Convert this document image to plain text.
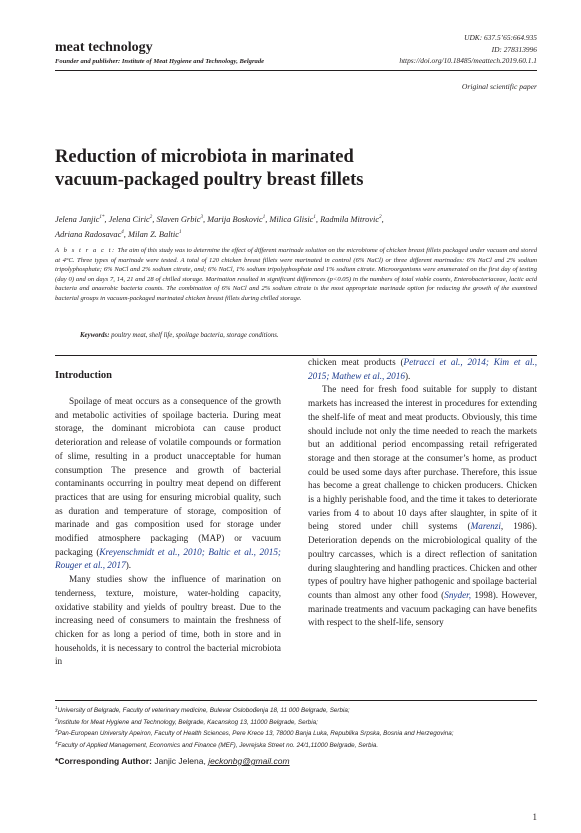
meat technology
Founder and publisher: Institute of Meat Hygiene and Technology, Belgrade
UDK: 637.5’65:664.935
ID: 278313996
https://doi.org/10.18485/meattech.2019.60.1.1
Original scientific paper
Reduction of microbiota in marinated
vacuum-packaged poultry breast fillets
Jelena Janjic$^{1*}$, Jelena Ciric$^2$, Slaven Grbic$^3$, Marija Boskovic$^1$, Milica Glisic$^1$, Radmila Mitrovic$^2$,
Adriana Radosavac$^4$, Milan Z. Baltic$^1$
A b s t r a c t: The aim of this study was to determine the effect of different marinade solution on the microbiome of chicken breast fillets packaged under vacuum and stored at 4°C. Three types of marinade were tested. A total of 120 chicken breast fillets were marinated in control (6% NaCl) or three different marinades: 6% NaCl and 2% sodium tripolyphosphate; 6% NaCl and 2% sodium citrate, and; 6% NaCl, 1% sodium tripolyphosphate and 1% sodium citrate. Microorganisms were enumerated on the first day of testing (day 0) and on days 7, 14, 21 and 28 of chilled storage. Marination resulted in significant differences (p<0.05) in the numbers of total viable counts, Enterobacteriaceae, lactic acid bacteria and anaerobic bacteria counts. The combination of 6% NaCl and 2% sodium citrate is the most appropriate marinade option for reducing the growth of the examined bacterial groups in vacuum-packaged marinated chicken breast fillets during chilled storage.
Keywords: poultry meat, shelf life, spoilage bacteria, storage conditions.
Introduction

Spoilage of meat occurs as a consequence of the growth and metabolic activities of spoilage bacteria. During meat storage, the dominant microbiota can cause product deterioration and release of volatile compounds or formation of slime, resulting in a product unacceptable for human consumption The presence and growth of bacterial contaminants occurring in poultry meat depend on different practices that are using for ensuring microbial quality, such as duration and temperature of storage, composition of marinade and gas composition used for storage under modified atmosphere packaging (MAP) or vacuum packaging (Kreyenschmidt et al., 2010; Baltic et al., 2015; Rouger et al., 2017).

Many studies show the influence of marination on tenderness, texture, moisture, water-holding capacity, oxidative stability and yields of poultry breast. Due to the increasing need of consumers to maintain the freshness of chicken for as long a period of time, both in store and in households, it is necessary to control the bacterial microbiota in

chicken meat products (Petracci et al., 2014; Kim et al., 2015; Mathew et al., 2016).

The need for fresh food suitable for supply to distant markets has increased the interest in procedures for extending the shelf-life of meat and meat products. Obviously, this time should include not only the time needed to reach the markets but an additional period encompassing retail refrigerated storage and then storage at the consumer’s home, as product could be used some days after purchase. Therefore, this issue has become a great challenge to chicken producers. Chicken is a highly perishable food, and the time it takes to deteriorate varies from 4 to about 10 days after slaughter, in spite of it being stored under chill systems (Marenzi, 1986). Deterioration depends on the microbiological quality of the poultry carcasses, which is a direct reflection of sanitation during slaughtering and handling practices. Chicken and other types of poultry have higher pathogenic and spoilage bacterial counts than almost any other food (Snyder, 1998). However, marinade treatments and vacuum packaging can have benefits with respect to the shelf-life, sensory

$^1$University of Belgrade, Faculty of veterinary medicine, Bulevar Oslobođenja 18, 11 000 Belgrade, Serbia;

$^2$Institute for Meat Hygiene and Technology, Belgrade, Kacanskog 13, 11000 Belgrade, Serbia;

$^3$Pan-European University Apeiron, Faculty of Health Sciences, Pere Krece 13, 78000 Banja Luka, Republika Srpska, Bosnia and Herzegovina;

$^4$Faculty of Applied Management, Economics and Finance (MEF), Jevrejska Street no. 24/1,11000 Belgrade, Serbia.

*Corresponding Author: Janjic Jelena, jeckonbg@gmail.com
1
